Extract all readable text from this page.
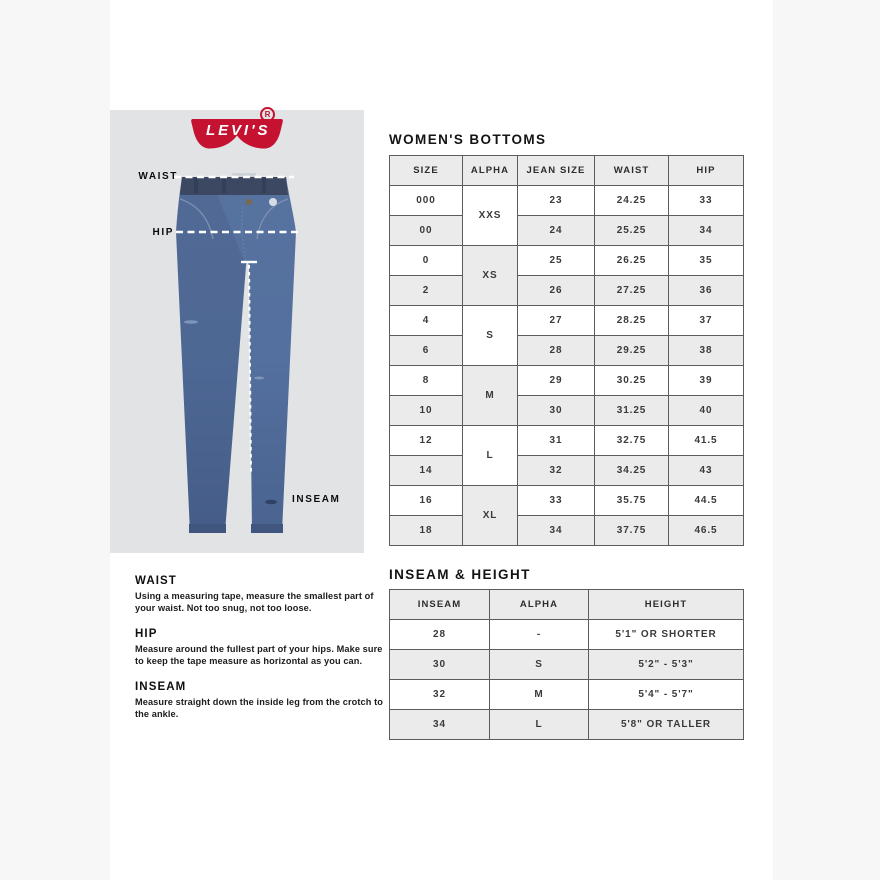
LEVI'S
R
WAIST
HIP
INSEAM
WOMEN'S BOTTOMS
SIZE	ALPHA	JEAN SIZE	WAIST	HIP
000	XXS	23	24.25	33
00		24	25.25	34
0	XS	25	26.25	35
2		26	27.25	36
4	S	27	28.25	37
6		28	29.25	38
8	M	29	30.25	39
10		30	31.25	40
12	L	31	32.75	41.5
14		32	34.25	43
16	XL	33	35.75	44.5
18		34	37.75	46.5
INSEAM & HEIGHT
INSEAM	ALPHA	HEIGHT
28	-	5'1" OR SHORTER
30	S	5'2" - 5'3"
32	M	5'4" - 5'7"
34	L	5'8" OR TALLER
WAIST
Using a measuring tape, measure the smallest part of your waist. Not too snug, not too loose.
HIP
Measure around the fullest part of your hips. Make sure to keep the tape measure as horizontal as you can.
INSEAM
Measure straight down the inside leg from the crotch to the ankle.
